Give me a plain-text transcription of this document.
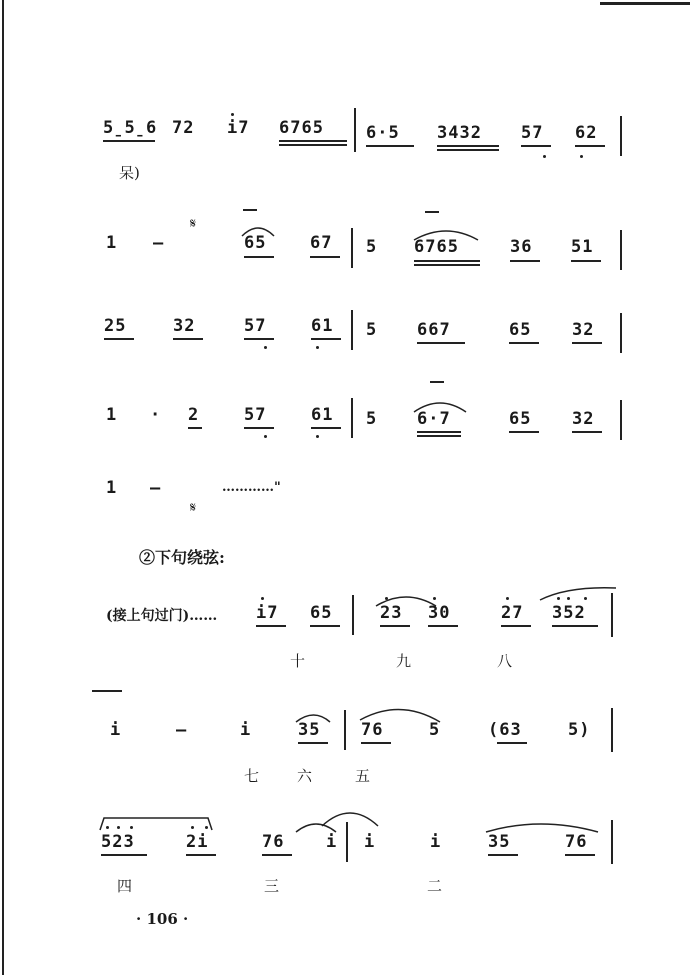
5̱5̱6 72 i7 6765 6·5 3432 57 62
呆)
1 —
𝄋
65	67 5 6765	36 51
25	32	57	61 5 667	65 32
1 · 2	57	61 5 6·7	65 32
1 —
𝄋
…………"
②下句绕弦:
(接上句过门)…… i7 65	23 30	27 352
十	九	八
i	—	i	35 76	5	(63	5)
七	六	五
523	2i	76 i i	i	35	76
四	三	二
· 106 ·
